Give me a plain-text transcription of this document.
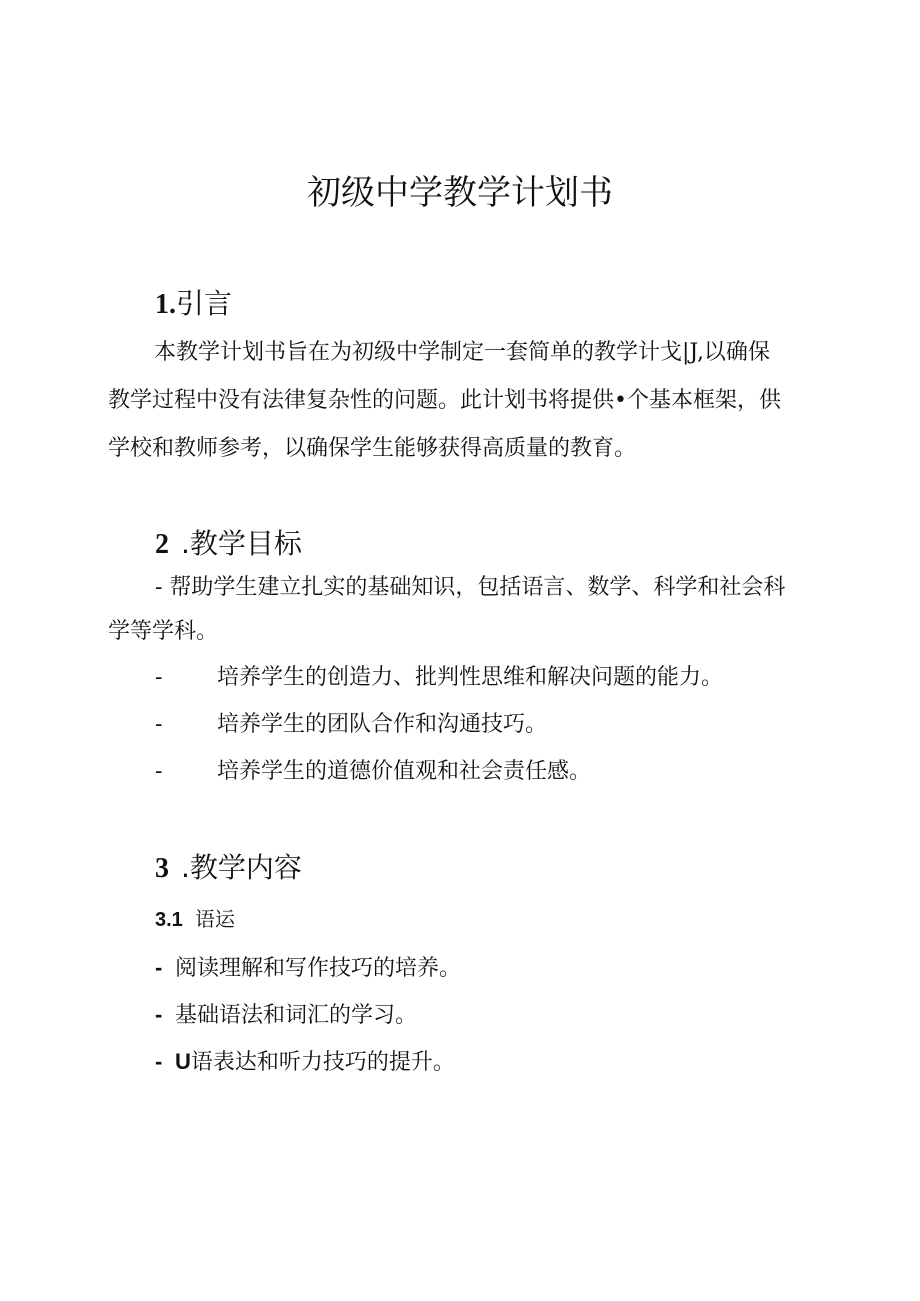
初级中学教学计划书
1.引言
本教学计划书旨在为初级中学制定一套简单的教学计戈|J,以确保
教学过程中没有法律复杂性的问题。此计划书将提供•个基本框架，供
学校和教师参考，以确保学生能够获得高质量的教育。
2 .教学目标
- 帮助学生建立扎实的基础知识，包括语言、数学、科学和社会科
学等学科。
- 培养学生的创造力、批判性思维和解决问题的能力。
- 培养学生的团队合作和沟通技巧。
- 培养学生的道德价值观和社会责任感。
3 .教学内容
3.1 语运
- 阅读理解和写作技巧的培养。
- 基础语法和词汇的学习。
- U语表达和听力技巧的提升。
